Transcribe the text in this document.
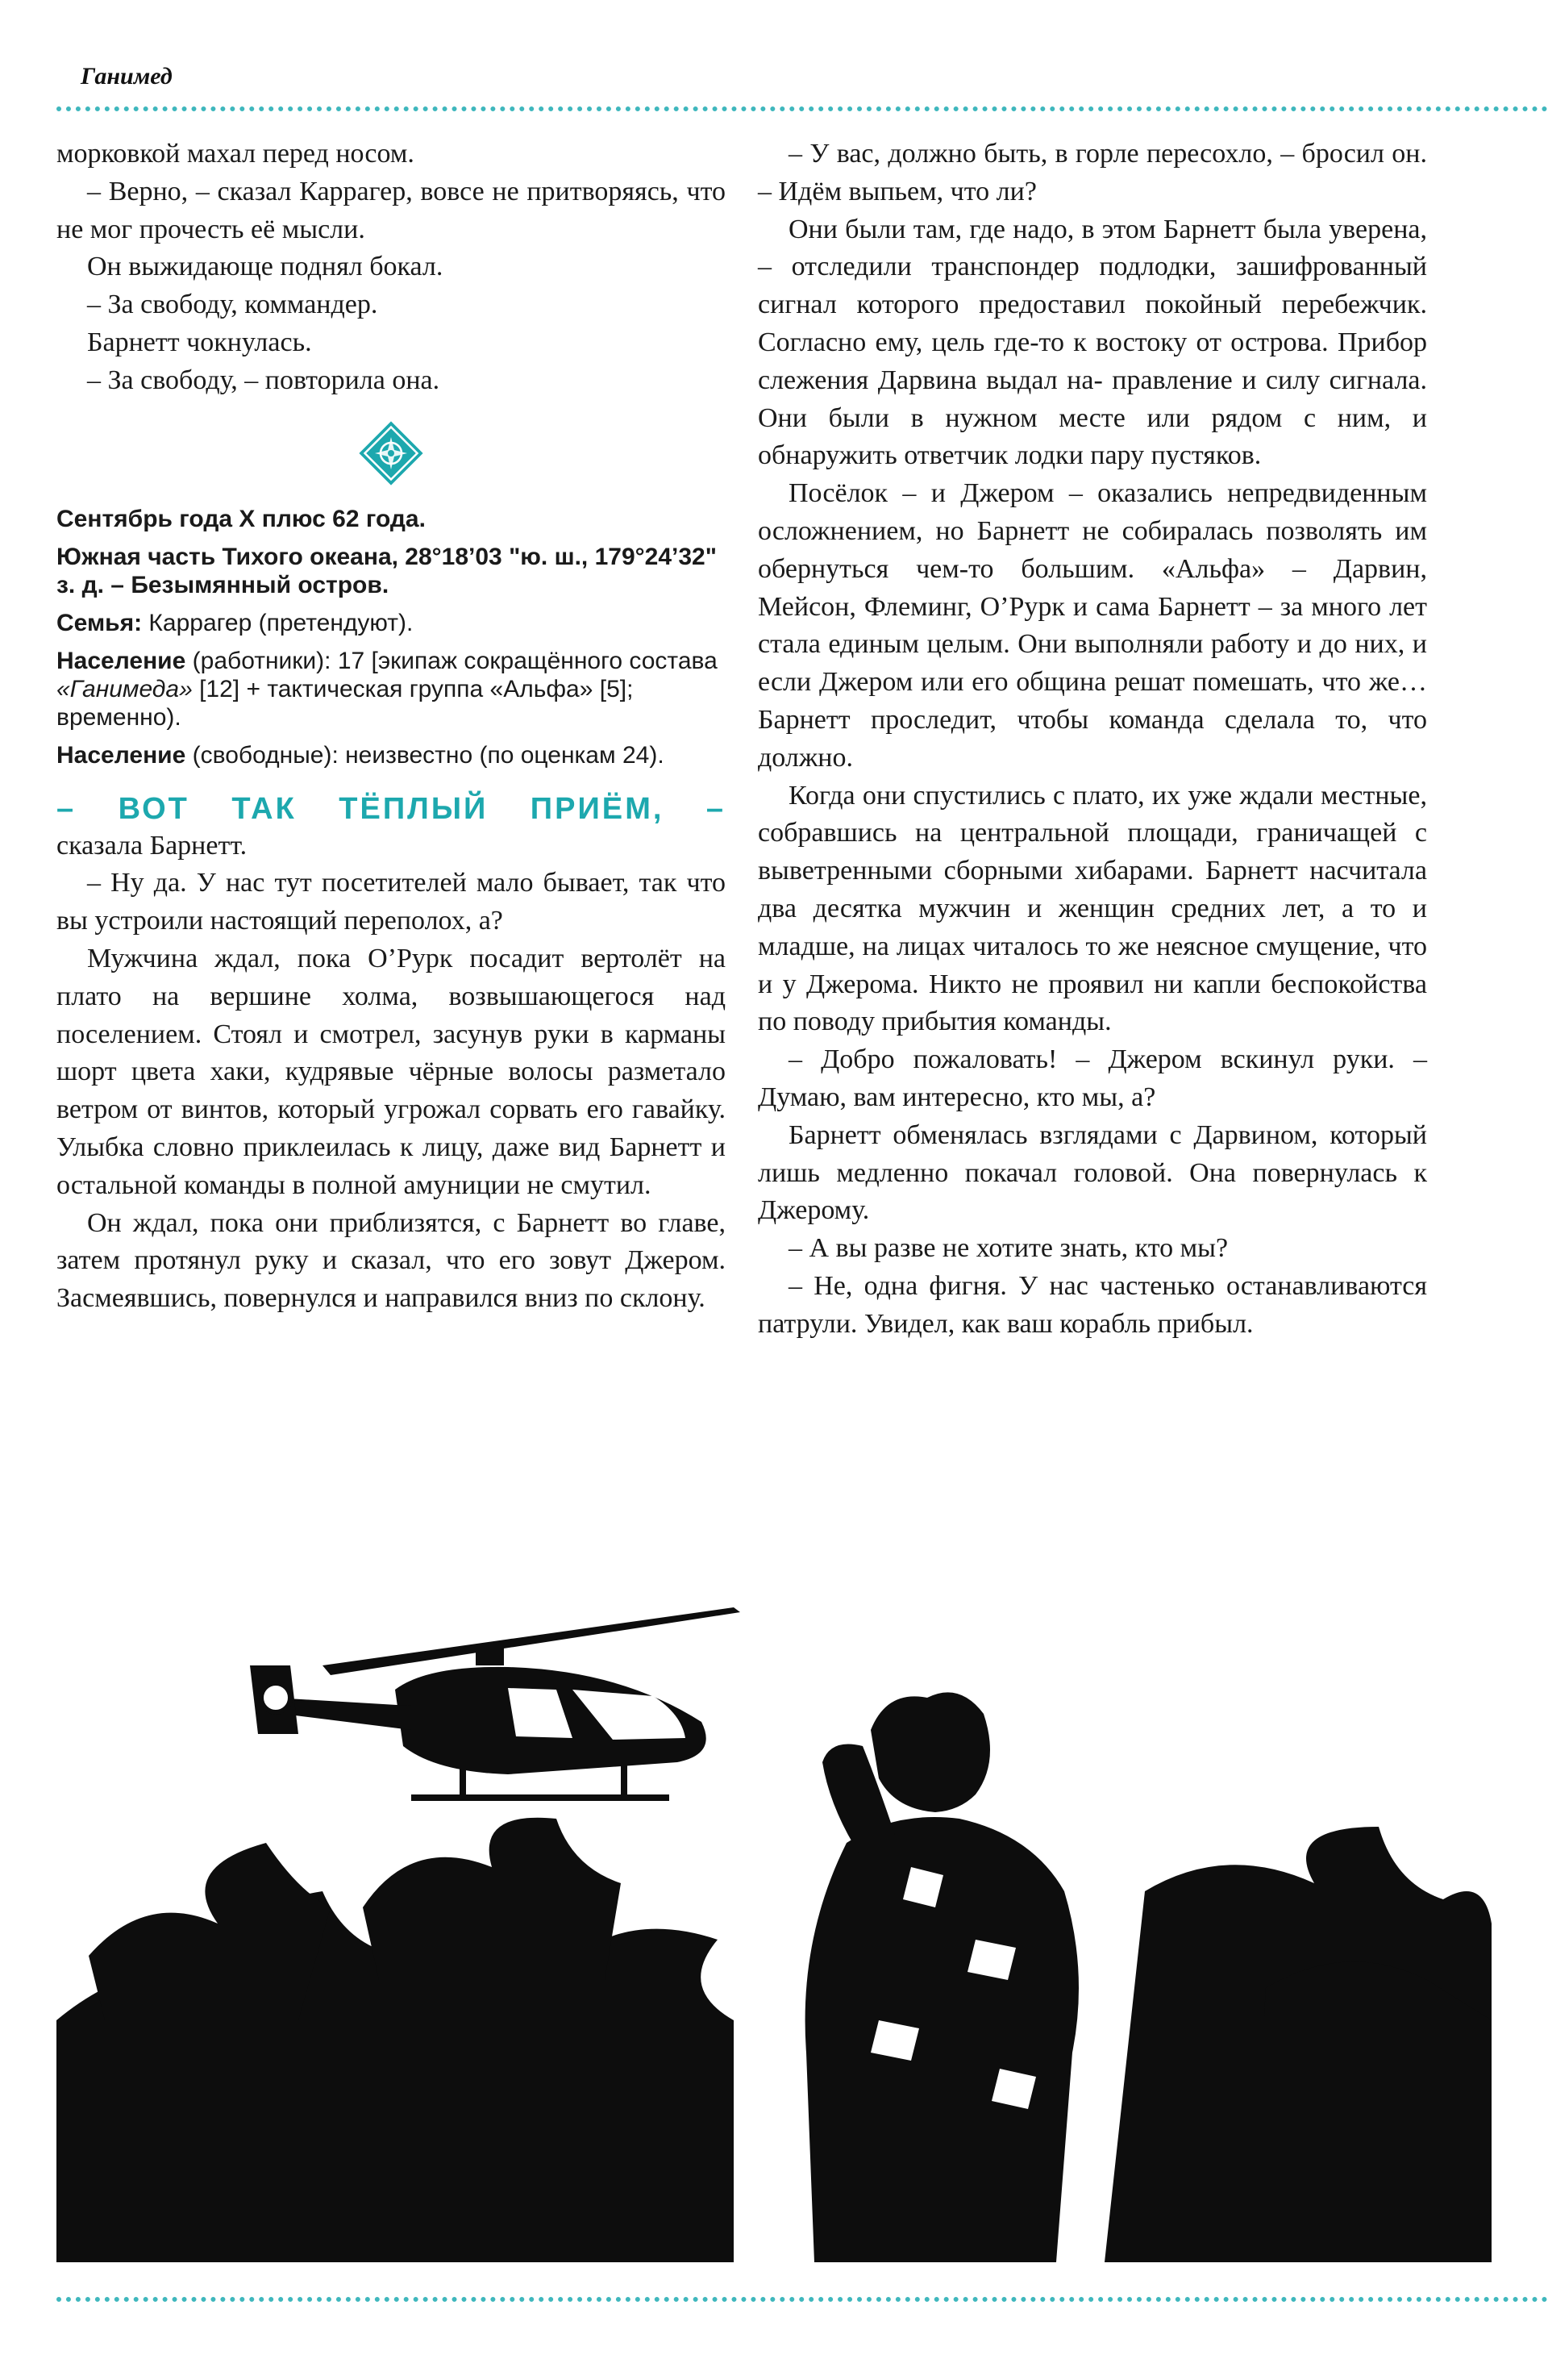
Ганимед

морковкой махал перед носом.

– Верно, – сказал Каррагер, вовсе не притворяясь, что не мог прочесть её мысли.

Он выжидающе поднял бокал.

– За свободу, коммандер.

Барнетт чокнулась.

– За свободу, – повторила она.

Сентябрь года X плюс 62 года.
Южная часть Тихого океана, 28°18’03 "ю. ш., 179°24’32" з. д. – Безымянный остров.
Семья: Каррагер (претендуют).
Население (работники): 17 [экипаж сокращённого состава «Ганимеда» [12] + тактическая группа «Альфа» [5]; временно).
Население (свободные): неизвестно (по оценкам 24).
– ВОТ ТАК ТЁПЛЫЙ ПРИЁМ, –

сказала Барнетт.

– Ну да. У нас тут посетителей мало бывает, так что вы устроили настоящий переполох, а?

Мужчина ждал, пока О’Рурк посадит вертолёт на плато на вершине холма, возвышающегося над поселением. Стоял и смотрел, засунув руки в карманы шорт цвета хаки, кудрявые чёрные волосы разметало ветром от винтов, который угрожал сорвать его гавайку. Улыбка словно приклеилась к лицу, даже вид Барнетт и остальной команды в полной амуниции не смутил.

Он ждал, пока они приблизятся, с Барнетт во главе, затем протянул руку и сказал, что его зовут Джером. Засмеявшись, повернулся и направился вниз по склону.

– У вас, должно быть, в горле пересохло, – бросил он. – Идём выпьем, что ли?

Они были там, где надо, в этом Барнетт была уверена, – отследили транспондер подлодки, зашифрованный сигнал которого предоставил покойный перебежчик. Согласно ему, цель где-то к востоку от острова. Прибор слежения Дарвина выдал на- правление и силу сигнала. Они были в нужном месте или рядом с ним, и обнаружить ответчик лодки пару пустяков.

Посёлок – и Джером – оказались непредвиденным осложнением, но Барнетт не собиралась позволять им обернуться чем-то большим. «Альфа» – Дарвин, Мейсон, Флеминг, О’Рурк и сама Барнетт – за много лет стала единым целым. Они выполняли работу и до них, и если Джером или его община решат помешать, что же… Барнетт проследит, чтобы команда сделала то, что должно.

Когда они спустились с плато, их уже ждали местные, собравшись на центральной площади, граничащей с выветренными сборными хибарами. Барнетт насчитала два десятка мужчин и женщин средних лет, а то и младше, на лицах читалось то же неясное смущение, что и у Джерома. Никто не проявил ни капли беспокойства по поводу прибытия команды.

– Добро пожаловать! – Джером вскинул руки. – Думаю, вам интересно, кто мы, а?

Барнетт обменялась взглядами с Дарвином, который лишь медленно покачал головой. Она повернулась к Джерому.

– А вы разве не хотите знать, кто мы?

– Не, одна фигня. У нас частенько останавливаются патрули. Увидел, как ваш корабль прибыл.
